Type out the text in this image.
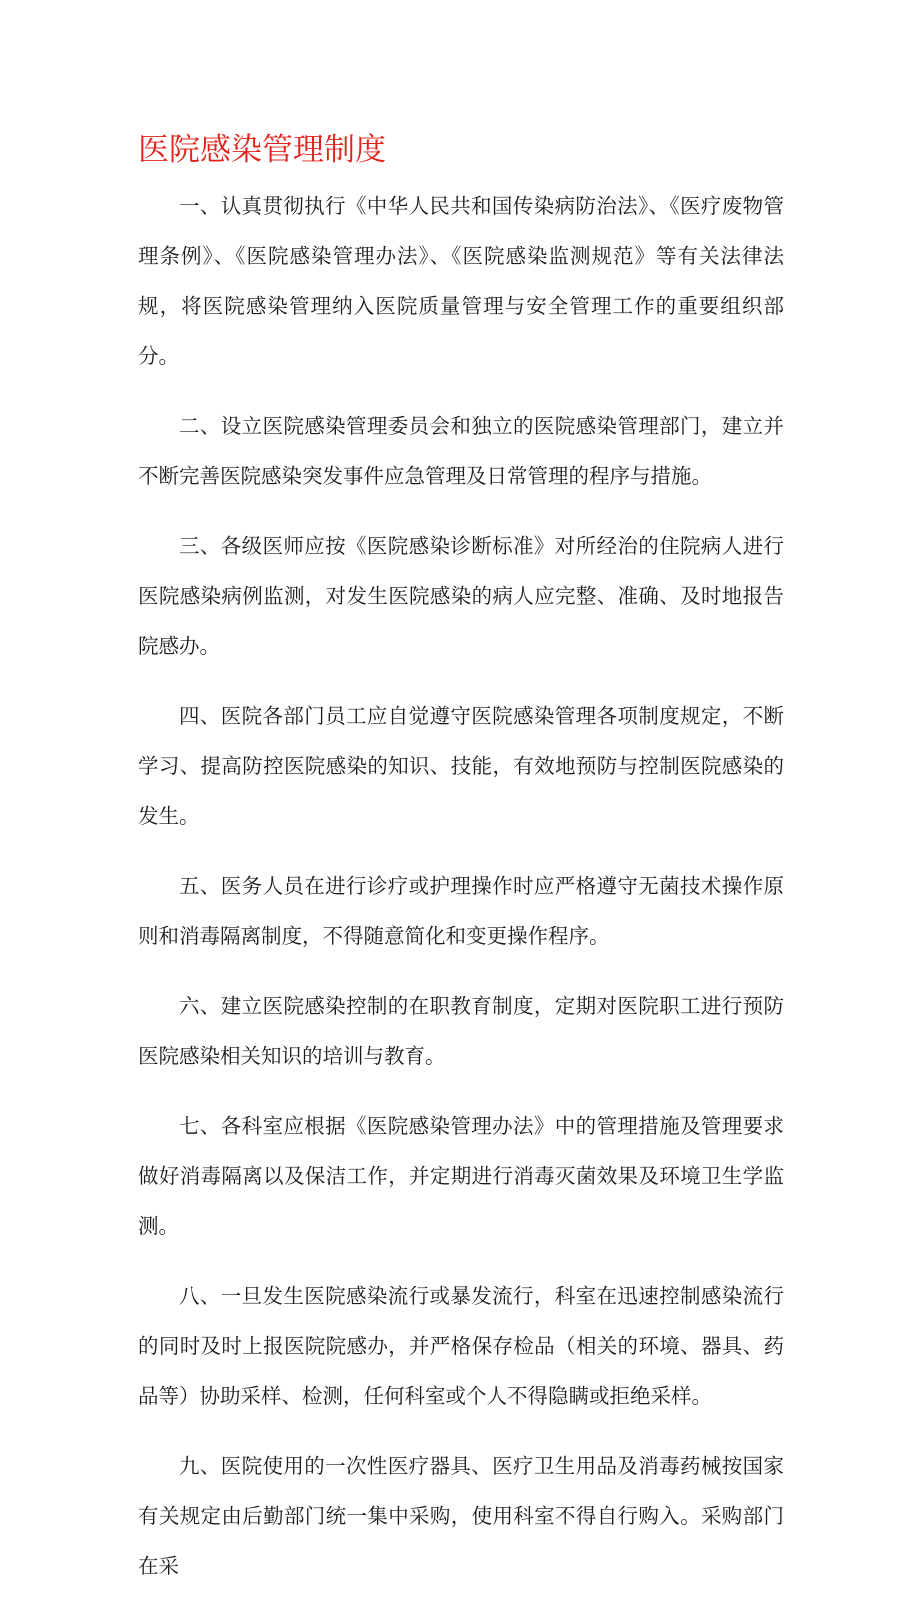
医院感染管理制度

一、认真贯彻执行《中华人民共和国传染病防治法》、《医疗废物管理条例》、《医院感染管理办法》、《医院感染监测规范》等有关法律法规，将医院感染管理纳入医院质量管理与安全管理工作的重要组织部分。

二、设立医院感染管理委员会和独立的医院感染管理部门，建立并不断完善医院感染突发事件应急管理及日常管理的程序与措施。

三、各级医师应按《医院感染诊断标准》对所经治的住院病人进行医院感染病例监测，对发生医院感染的病人应完整、准确、及时地报告院感办。

四、医院各部门员工应自觉遵守医院感染管理各项制度规定，不断学习、提高防控医院感染的知识、技能，有效地预防与控制医院感染的发生。

五、医务人员在进行诊疗或护理操作时应严格遵守无菌技术操作原则和消毒隔离制度，不得随意简化和变更操作程序。

六、建立医院感染控制的在职教育制度，定期对医院职工进行预防医院感染相关知识的培训与教育。

七、各科室应根据《医院感染管理办法》中的管理措施及管理要求做好消毒隔离以及保洁工作，并定期进行消毒灭菌效果及环境卫生学监测。

八、一旦发生医院感染流行或暴发流行，科室在迅速控制感染流行的同时及时上报医院院感办，并严格保存检品（相关的环境、器具、药品等）协助采样、检测，任何科室或个人不得隐瞒或拒绝采样。

九、医院使用的一次性医疗器具、医疗卫生用品及消毒药械按国家有关规定由后勤部门统一集中采购，使用科室不得自行购入。采购部门在采
